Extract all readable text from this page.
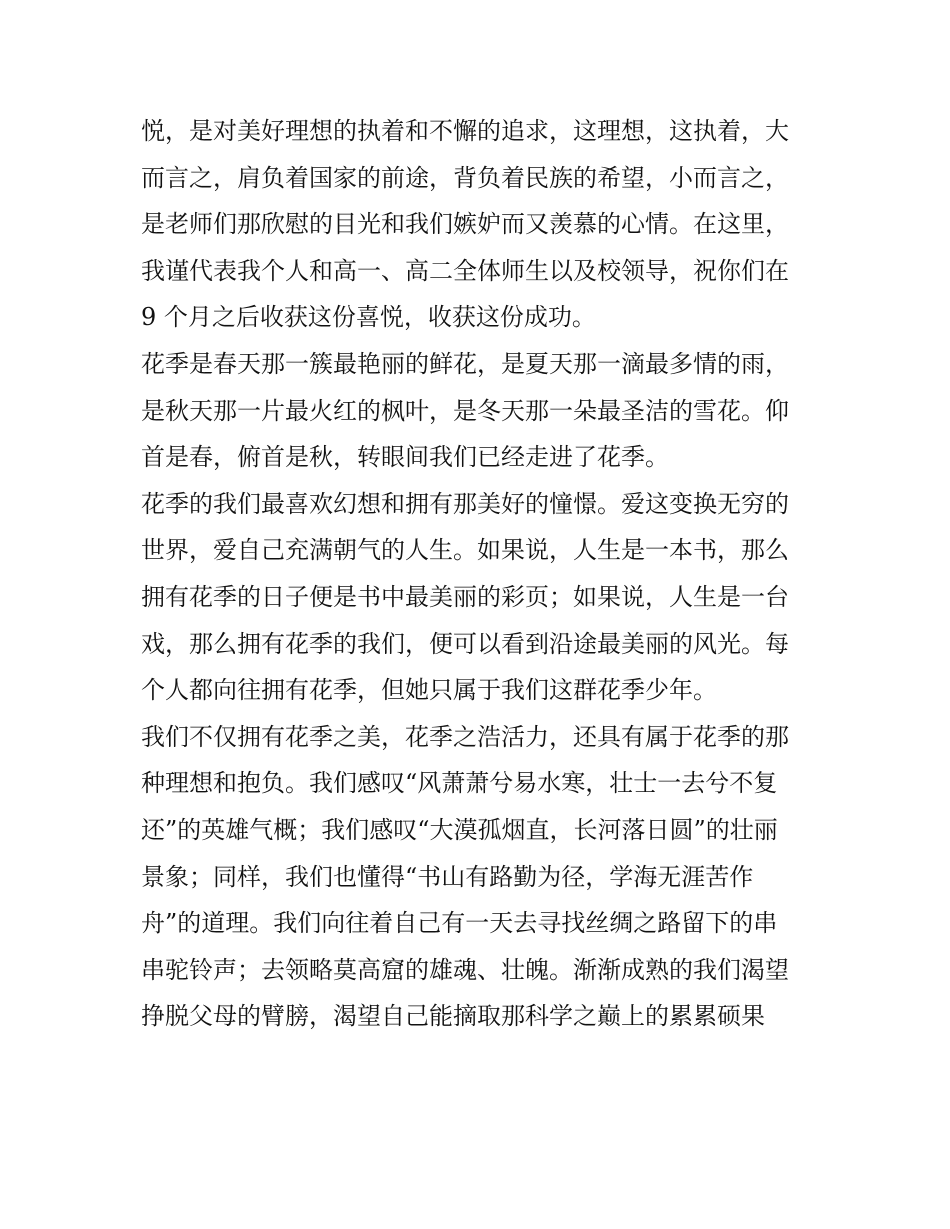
悦，是对美好理想的执着和不懈的追求，这理想，这执着，大
而言之，肩负着国家的前途，背负着民族的希望，小而言之，
是老师们那欣慰的目光和我们嫉妒而又羡慕的心情。在这里，
我谨代表我个人和高一、高二全体师生以及校领导，祝你们在
9 个月之后收获这份喜悦，收获这份成功。
花季是春天那一簇最艳丽的鲜花，是夏天那一滴最多情的雨，
是秋天那一片最火红的枫叶，是冬天那一朵最圣洁的雪花。仰
首是春，俯首是秋，转眼间我们已经走进了花季。
花季的我们最喜欢幻想和拥有那美好的憧憬。爱这变换无穷的
世界，爱自己充满朝气的人生。如果说，人生是一本书，那么
拥有花季的日子便是书中最美丽的彩页；如果说，人生是一台
戏，那么拥有花季的我们，便可以看到沿途最美丽的风光。每
个人都向往拥有花季，但她只属于我们这群花季少年。
我们不仅拥有花季之美，花季之浩活力，还具有属于花季的那
种理想和抱负。我们感叹“风萧萧兮易水寒，壮士一去兮不复
还”的英雄气概；我们感叹“大漠孤烟直，长河落日圆”的壮丽
景象；同样，我们也懂得“书山有路勤为径，学海无涯苦作
舟”的道理。我们向往着自己有一天去寻找丝绸之路留下的串
串驼铃声；去领略莫高窟的雄魂、壮魄。渐渐成熟的我们渴望
挣脱父母的臂膀，渴望自己能摘取那科学之巅上的累累硕果
